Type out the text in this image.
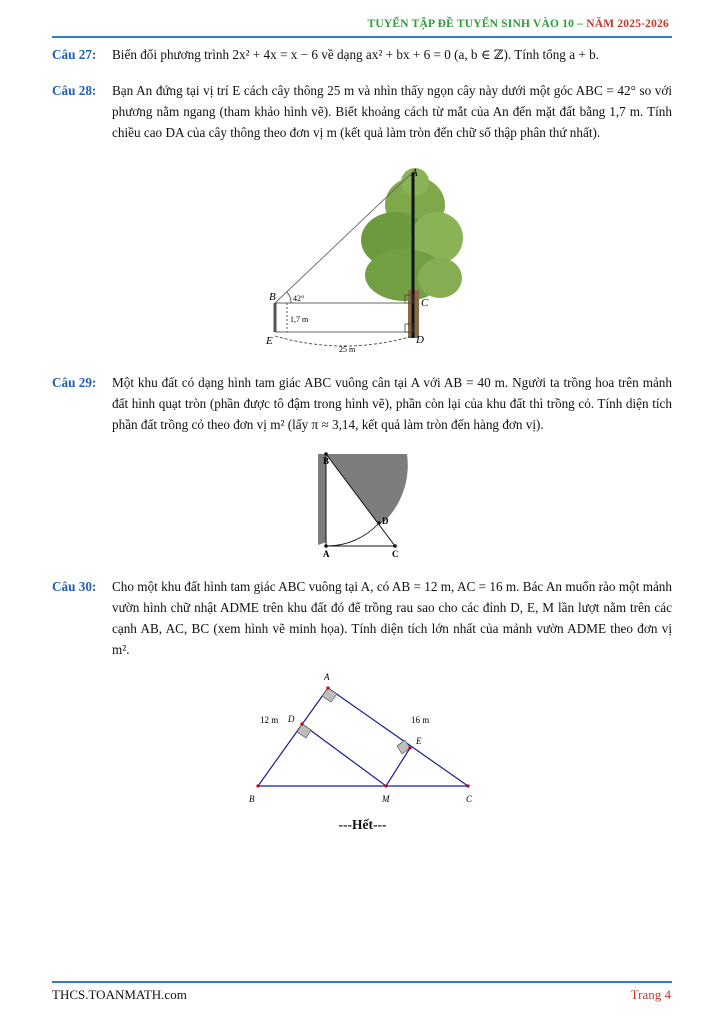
TUYỂN TẬP ĐỀ TUYỂN SINH VÀO 10 – NĂM 2025-2026
Câu 27: Biến đổi phương trình 2x² + 4x = x − 6 về dạng ax² + bx + 6 = 0 (a, b ∈ ℤ). Tính tổng a + b.
Câu 28: Bạn An đứng tại vị trí E cách cây thông 25 m và nhìn thấy ngọn cây này dưới một góc ABC = 42° so với phương nằm ngang (tham khảo hình vẽ). Biết khoảng cách từ mắt của An đến mặt đất bằng 1,7 m. Tính chiều cao DA của cây thông theo đơn vị m (kết quả làm tròn đến chữ số thập phân thứ nhất).
A
B	C
D
E
42°
1,7 m
25 m
Câu 29: Một khu đất có dạng hình tam giác ABC vuông cân tại A với AB = 40 m. Người ta trồng hoa trên mảnh đất hình quạt tròn (phần được tô đậm trong hình vẽ), phần còn lại của khu đất thì trồng cỏ. Tính diện tích phần đất trồng cỏ theo đơn vị m² (lấy π ≈ 3,14, kết quả làm tròn đến hàng đơn vị).
B
A	C
D
Câu 30: Cho một khu đất hình tam giác ABC vuông tại A, có AB = 12 m, AC = 16 m. Bác An muốn rào một mảnh vườn hình chữ nhật ADME trên khu đất đó để trồng rau sao cho các đỉnh D, E, M lần lượt nằm trên các cạnh AB, AC, BC (xem hình vẽ minh họa). Tính diện tích lớn nhất của mảnh vườn ADME theo đơn vị m².
A
B	C
D
E
M
12 m	16 m
---Hết---
THCS.TOANMATH.com	Trang 4
